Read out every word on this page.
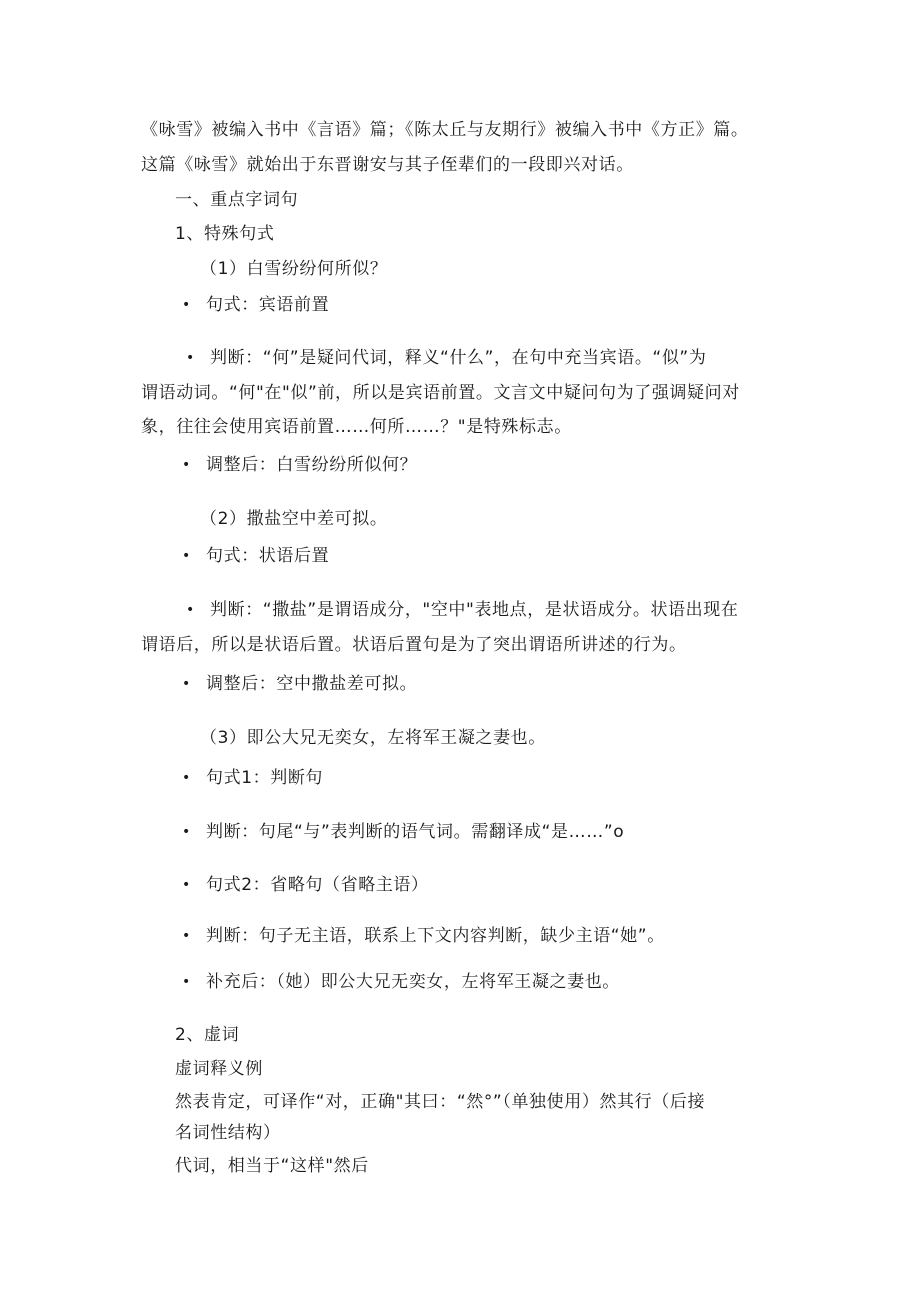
《咏雪》被编入书中《言语》篇；《陈太丘与友期行》被编入书中《方正》篇。
这篇《咏雪》就始出于东晋谢安与其子侄辈们的一段即兴对话。
一、重点字词句
1、特殊句式
（1）白雪纷纷何所似？
• 句式：宾语前置
• 判断：“何”是疑问代词，释义“什么”，在句中充当宾语。“似”为
谓语动词。“何"在"似”前，所以是宾语前置。文言文中疑问句为了强调疑问对
象，往往会使用宾语前置……何所……？"是特殊标志。
• 调整后：白雪纷纷所似何？
（2）撒盐空中差可拟。
• 句式：状语后置
• 判断：“撒盐”是谓语成分，"空中"表地点，是状语成分。状语出现在
谓语后，所以是状语后置。状语后置句是为了突出谓语所讲述的行为。
• 调整后：空中撒盐差可拟。
（3）即公大兄无奕女，左将军王凝之妻也。
• 句式1：判断句
• 判断：句尾“与”表判断的语气词。需翻译成“是……”o
• 句式2：省略句（省略主语）
• 判断：句子无主语，联系上下文内容判断，缺少主语“她”。
• 补充后：（她）即公大兄无奕女，左将军王凝之妻也。
2、虚词
虚词释义例
然表肯定，可译作“对，正确"其曰：“然°”（单独使用）然其行（后接
名词性结构）
代词，相当于“这样"然后
